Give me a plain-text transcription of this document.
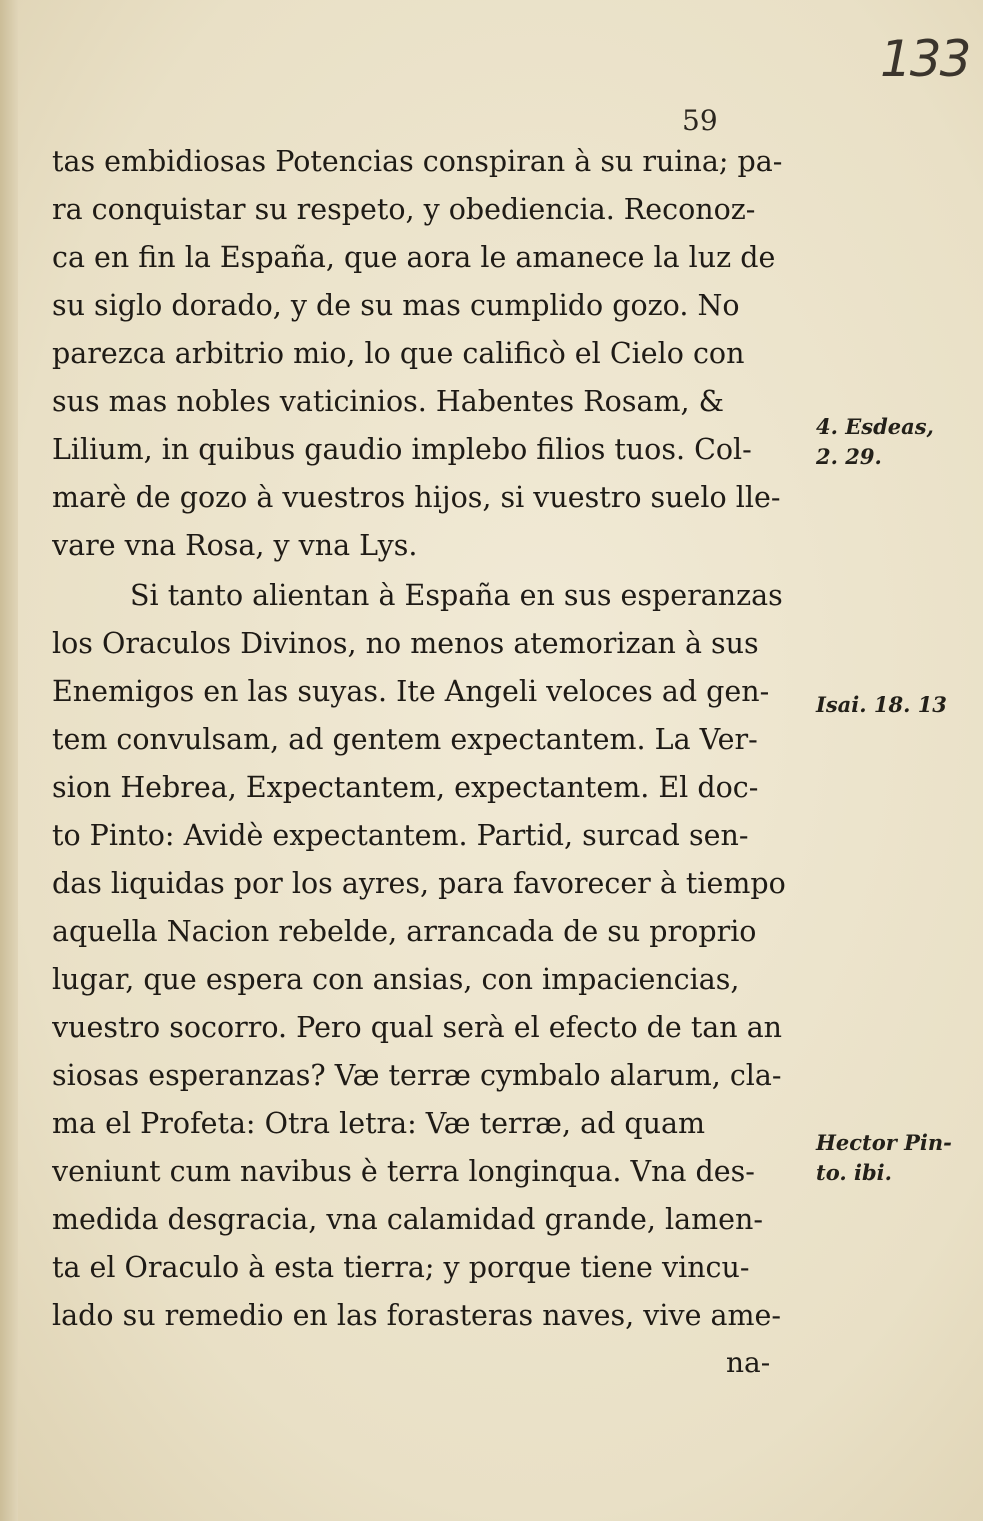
133
59
tas embidiosas Potencias conspiran à su ruina; pa-
ra conquistar su respeto, y obediencia. Reconoz-
ca en fin la España, que aora le amanece la luz de
su siglo dorado, y de su mas cumplido gozo. No
parezca arbitrio mio, lo que calificò el Cielo con
sus mas nobles vaticinios. Habentes Rosam, &
Lilium, in quibus gaudio implebo filios tuos. Col-
marè de gozo à vuestros hijos, si vuestro suelo lle-
vare vna Rosa, y vna Lys.
Si tanto alientan à España en sus esperanzas
los Oraculos Divinos, no menos atemorizan à sus
Enemigos en las suyas. Ite Angeli veloces ad gen-
tem convulsam, ad gentem expectantem. La Ver-
sion Hebrea, Expectantem, expectantem. El doc-
to Pinto: Avidè expectantem. Partid, surcad sen-
das liquidas por los ayres, para favorecer à tiempo
aquella Nacion rebelde, arrancada de su proprio
lugar, que espera con ansias, con impaciencias,
vuestro socorro. Pero qual serà el efecto de tan an
siosas esperanzas? Væ terræ cymbalo alarum, cla-
ma el Profeta: Otra letra: Væ terræ, ad quam
veniunt cum navibus è terra longinqua. Vna des-
medida desgracia, vna calamidad grande, lamen-
ta el Oraculo à esta tierra; y porque tiene vincu-
lado su remedio en las forasteras naves, vive ame-
na-
4. Esdeas,
2. 29.
Isai. 18. 13
Hector Pin-
to. ibi.
